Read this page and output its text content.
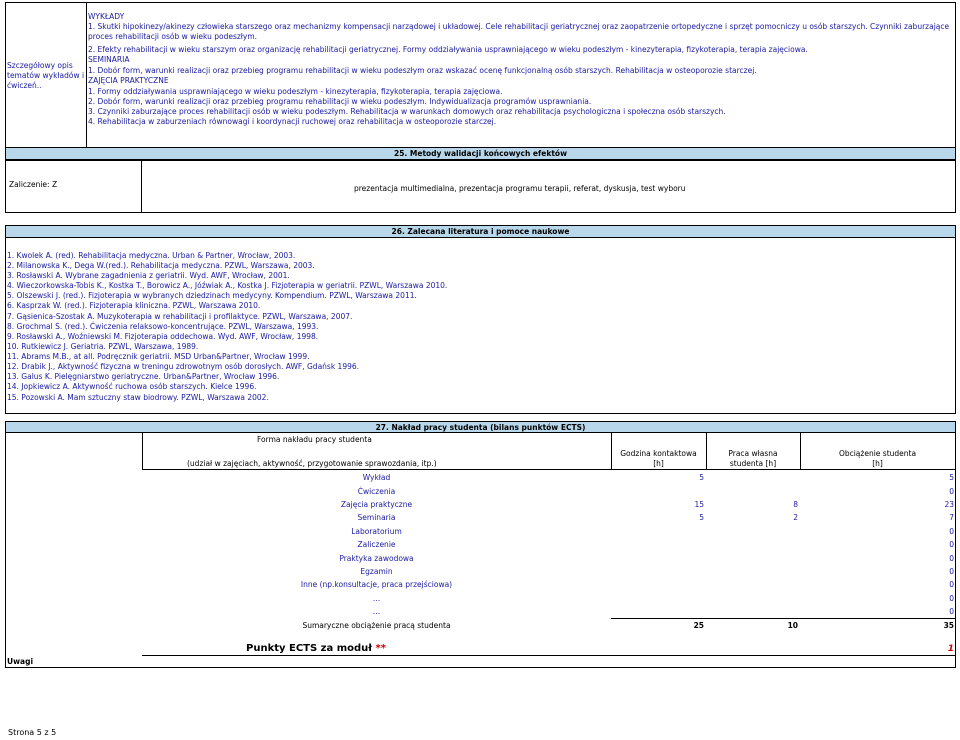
Szczegółowy opis
tematów wykładów i
ćwiczeń..
WYKŁADY
1. Skutki hipokinezy/akinezy człowieka starszego oraz mechanizmy kompensacji narządowej i układowej. Cele rehabilitacji geriatrycznej oraz zaopatrzenie ortopedyczne i sprzęt pomocniczy u osób starszych. Czynniki zaburzające
proces rehabilitacji osób w wieku podeszłym.
2. Efekty rehabilitacji w wieku starszym oraz organizację rehabilitacji geriatrycznej. Formy oddziaływania usprawniającego w wieku podeszłym - kinezyterapia, fizykoterapia, terapia zajęciowa.
SEMINARIA
1. Dobór form, warunki realizacji oraz przebieg programu rehabilitacji w wieku podeszłym oraz wskazać ocenę funkcjonalną osób starszych. Rehabilitacja w osteoporozie starczej.
ZAJĘCIA PRAKTYCZNE
1. Formy oddziaływania usprawniającego w wieku podeszłym - kinezyterapia, fizykoterapia, terapia zajęciowa.
2. Dobór form, warunki realizacji oraz przebieg programu rehabilitacji w wieku podeszłym. Indywidualizacja programów usprawniania.
3. Czynniki zaburzające proces rehabilitacji osób w wieku podeszłym. Rehabilitacja w warunkach domowych oraz rehabilitacja psychologiczna i społeczna osób starszych.
4. Rehabilitacja w zaburzeniach równowagi i koordynacji ruchowej oraz rehabilitacja w osteoporozie starczej.
25. Metody walidacji końcowych efektów
Zaliczenie: Z	prezentacja multimedialna, prezentacja programu terapii, referat, dyskusja, test wyboru
26. Zalecana literatura i pomoce naukowe
1. Kwolek A. (red). Rehabilitacja medyczna. Urban & Partner, Wrocław, 2003.
2. Milanowska K., Dega W.(red.). Rehabilitacja medyczna. PZWL, Warszawa, 2003.
3. Rosławski A. Wybrane zagadnienia z geriatrii. Wyd. AWF, Wrocław, 2001.
4. Wieczorkowska-Tobis K., Kostka T., Borowicz A., Jóźwiak A., Kostka J. Fizjoterapia w geriatrii. PZWL, Warszawa 2010.
5. Olszewski J. (red.). Fizjoterapia w wybranych dziedzinach medycyny. Kompendium. PZWL, Warszawa 2011.
6. Kasprzak W. (red.). Fizjoterapia kliniczna. PZWL, Warszawa 2010.
7. Gąsienica-Szostak A. Muzykoterapia w rehabilitacji i profilaktyce. PZWL, Warszawa, 2007.
8. Grochmal S. (red.). Ćwiczenia relaksowo-koncentrujące. PZWL, Warszawa, 1993.
9. Rosławski A., Woźniewski M. Fizjoterapia oddechowa. Wyd. AWF, Wrocław, 1998.
10. Rutkiewicz J. Geriatria. PZWL, Warszawa, 1989.
11. Abrams M.B., at all. Podręcznik geriatrii. MSD Urban&Partner, Wrocław 1999.
12. Drabik J., Aktywność fizyczna w treningu zdrowotnym osób dorosłych. AWF, Gdańsk 1996.
13. Galus K. Pielęgniarstwo geriatryczne. Urban&Partner, Wrocław 1996.
14. Jopkiewicz A. Aktywność ruchowa osób starszych. Kielce 1996.
15. Pozowski A. Mam sztuczny staw biodrowy. PZWL, Warszawa 2002.
27. Nakład pracy studenta (bilans punktów ECTS)
Forma nakładu pracy studenta
(udział w zajęciach, aktywność, przygotowanie sprawozdania, itp.)
Godzina kontaktowa
[h]
Praca własna
studenta [h]
Obciążenie studenta
[h]
Wykład	5		5
Ćwiczenia			0
Zajęcia praktyczne	15	8	23
Seminaria	5	2	7
Laboratorium			0
Zaliczenie			0
Praktyka zawodowa			0
Egzamin			0
Inne (np.konsultacje, praca przejściowa)			0
…			0
…			0
Sumaryczne obciążenie pracą studenta	25	10	35
Punkty ECTS za moduł **	1
Uwagi
Strona 5 z 5
